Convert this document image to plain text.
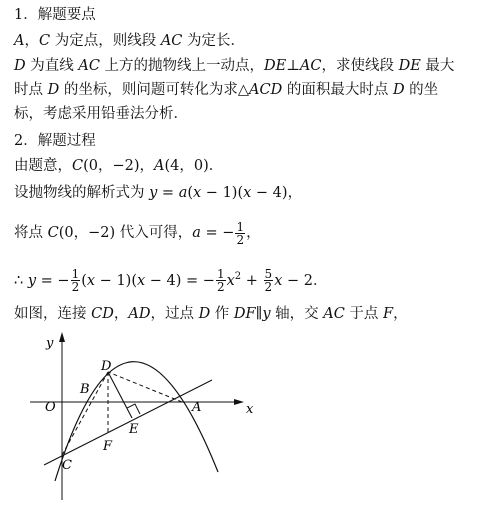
1．解题要点
A，C 为定点，则线段 AC 为定长．
D 为直线 AC 上方的抛物线上一动点，DE⊥AC，求使线段 DE 最大
时点 D 的坐标，则问题可转化为求△ACD 的面积最大时点 D 的坐
标，考虑采用铅垂法分析．
2．解题过程
由题意，C(0，−2)，A(4，0)．
设抛物线的解析式为 y = a(x − 1)(x − 4)，
将点 C(0，−2) 代入可得，a = − $\frac{1}{2}$ ，
∴ y = − $\frac{1}{2} (x - 1)(x - 4)$ = − $\frac{1}{2} x^2 + \frac{5}{2}$ x − 2．
如图，连接 CD，AD，过点 D 作 DF∥y 轴，交 AC 于点 F，
y
x
O	A
B
C
D
E
F
